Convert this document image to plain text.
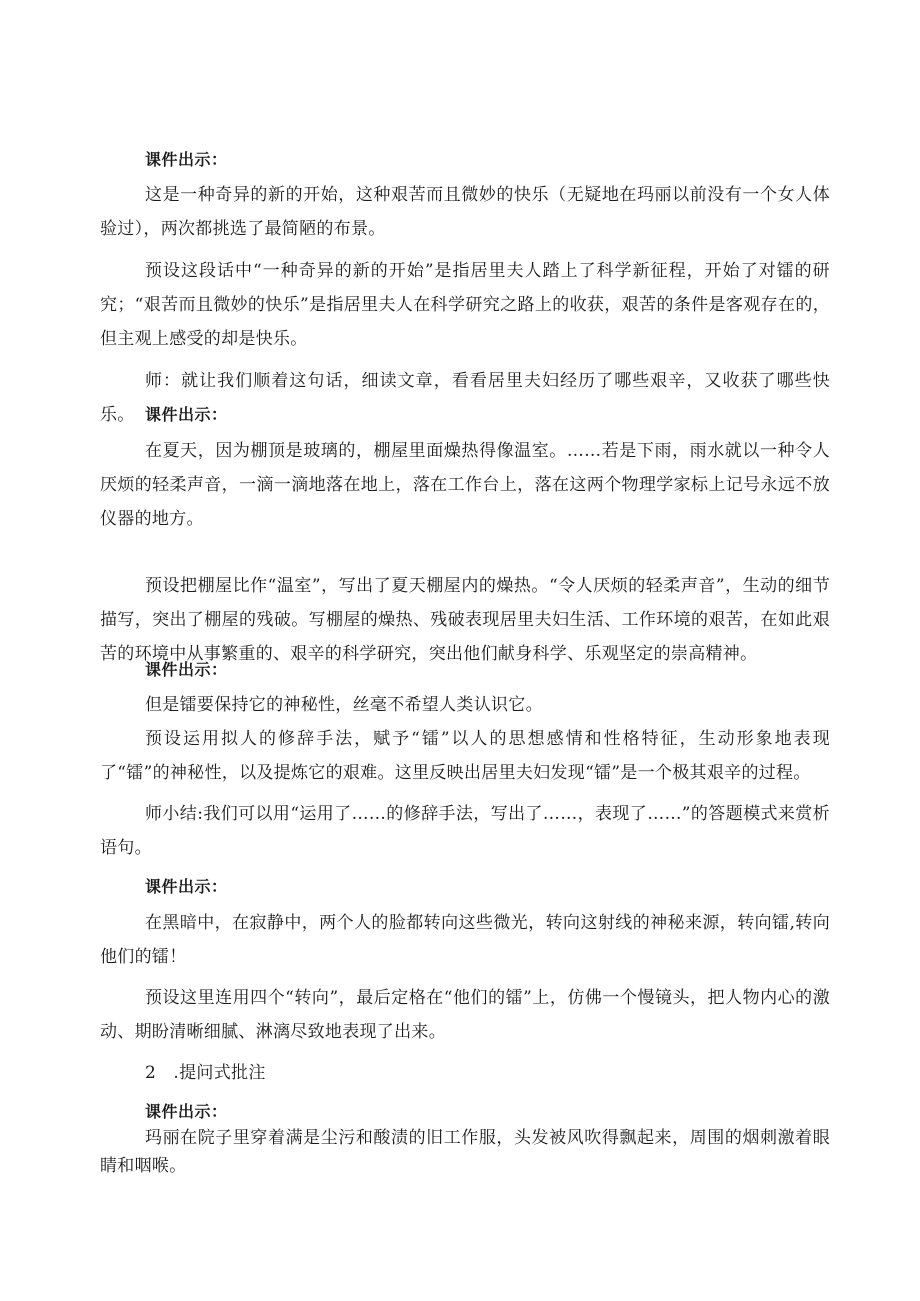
课件出示：

这是一种奇异的新的开始，这种艰苦而且微妙的快乐（无疑地在玛丽以前没有一个女人体验过），两次都挑选了最简陋的布景。

预设这段话中“一种奇异的新的开始”是指居里夫人踏上了科学新征程，开始了对镭的研究；“艰苦而且微妙的快乐”是指居里夫人在科学研究之路上的收获，艰苦的条件是客观存在的，但主观上感受的却是快乐。

师：就让我们顺着这句话，细读文章，看看居里夫妇经历了哪些艰辛，又收获了哪些快乐。 课件出示：

在夏天，因为棚顶是玻璃的，棚屋里面燥热得像温室。……若是下雨，雨水就以一种令人厌烦的轻柔声音，一滴一滴地落在地上，落在工作台上，落在这两个物理学家标上记号永远不放仪器的地方。

预设把棚屋比作“温室”，写出了夏天棚屋内的燥热。“令人厌烦的轻柔声音”，生动的细节描写，突出了棚屋的残破。写棚屋的燥热、残破表现居里夫妇生活、工作环境的艰苦，在如此艰苦的环境中从事繁重的、艰辛的科学研究，突出他们献身科学、乐观坚定的崇高精神。

课件出示：

但是镭要保持它的神秘性，丝毫不希望人类认识它。

预设运用拟人的修辞手法，赋予“镭”以人的思想感情和性格特征，生动形象地表现了“镭”的神秘性，以及提炼它的艰难。这里反映出居里夫妇发现“镭”是一个极其艰辛的过程。

师小结:我们可以用“运用了……的修辞手法，写出了……，表现了……”的答题模式来赏析语句。

课件出示：

在黑暗中，在寂静中，两个人的脸都转向这些微光，转向这射线的神秘来源，转向镭,转向他们的镭！

预设这里连用四个“转向”，最后定格在“他们的镭”上，仿佛一个慢镜头，把人物内心的激动、期盼清晰细腻、淋漓尽致地表现了出来。

2　.提问式批注

课件出示：

玛丽在院子里穿着满是尘污和酸渍的旧工作服，头发被风吹得飘起来，周围的烟刺激着眼睛和咽喉。
